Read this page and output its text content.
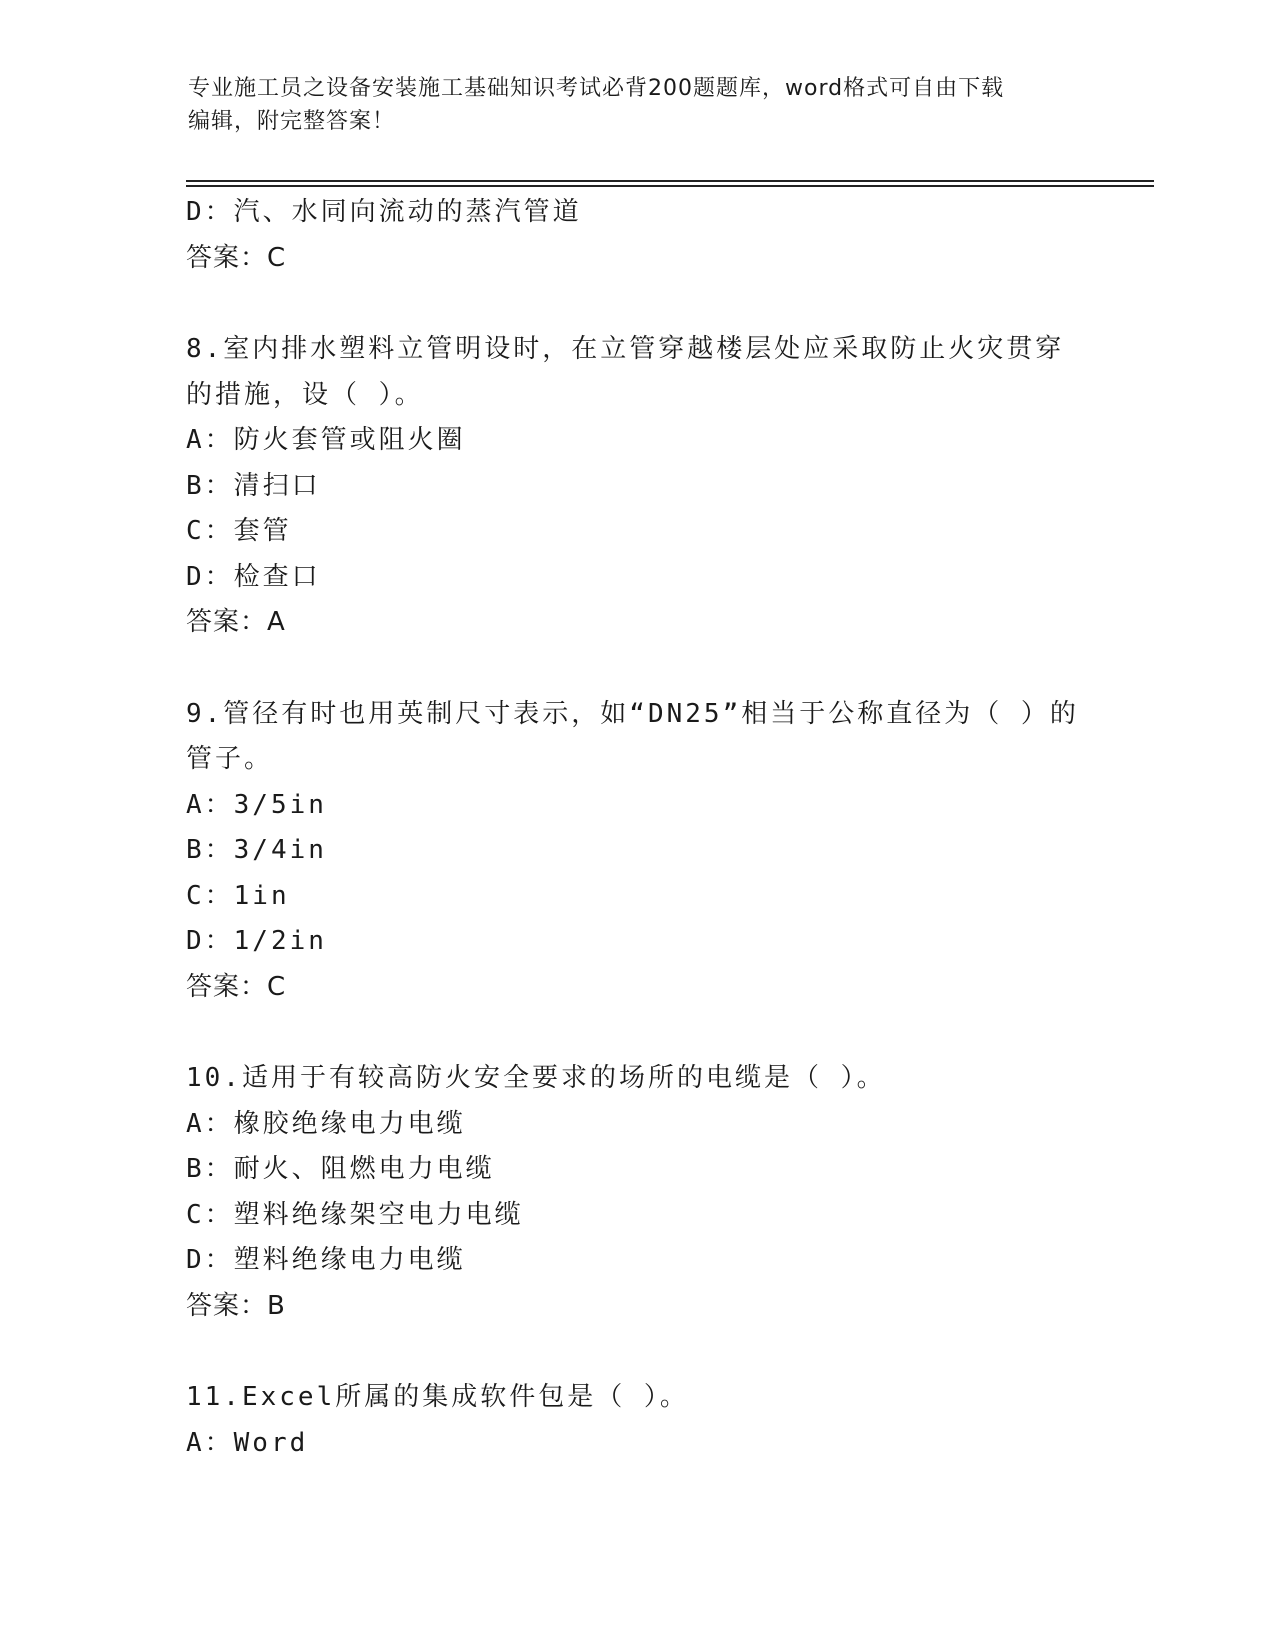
专业施工员之设备安装施工基础知识考试必背200题题库，word格式可自由下载
编辑，附完整答案！
D：汽、水同向流动的蒸汽管道
答案：C
8.室内排水塑料立管明设时，在立管穿越楼层处应采取防止火灾贯穿
的措施，设（ ）。
A：防火套管或阻火圈
B：清扫口
C：套管
D：检查口
答案：A
9.管径有时也用英制尺寸表示，如“DN25”相当于公称直径为（ ）的
管子。
A：3/5in
B：3/4in
C：1in
D：1/2in
答案：C
10.适用于有较高防火安全要求的场所的电缆是（ ）。
A：橡胶绝缘电力电缆
B：耐火、阻燃电力电缆
C：塑料绝缘架空电力电缆
D：塑料绝缘电力电缆
答案：B
11.Excel所属的集成软件包是（ ）。
A：Word
